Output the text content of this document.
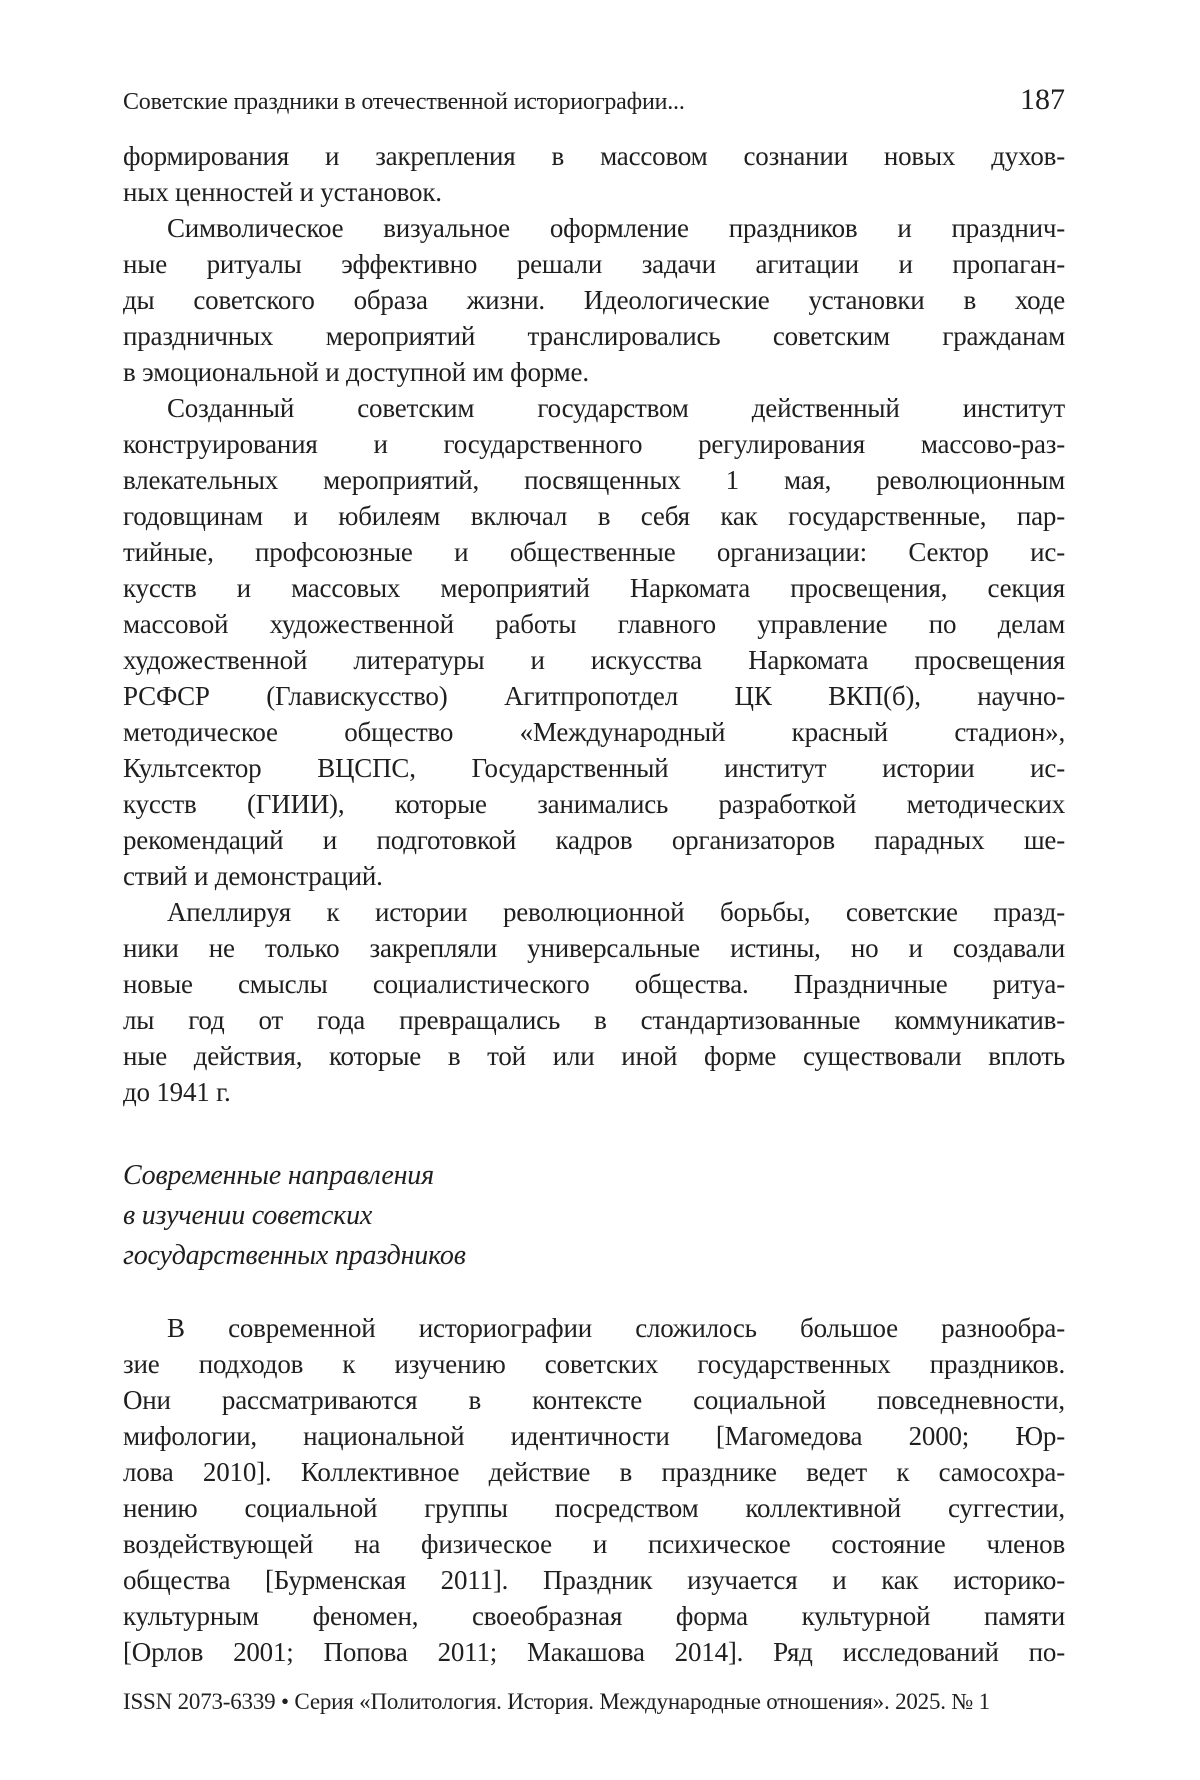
Советские праздники в отечественной историографии...	187
формирования и закрепления в массовом сознании новых духов-
ных ценностей и установок.
Символическое визуальное оформление праздников и празднич-
ные ритуалы эффективно решали задачи агитации и пропаган-
ды советского образа жизни. Идеологические установки в ходе
праздничных мероприятий транслировались советским гражданам
в эмоциональной и доступной им форме.
Созданный советским государством действенный институт
конструирования и государственного регулирования массово-раз-
влекательных мероприятий, посвященных 1 мая, революционным
годовщинам и юбилеям включал в себя как государственные, пар-
тийные, профсоюзные и общественные организации: Сектор ис-
кусств и массовых мероприятий Наркомата просвещения, секция
массовой художественной работы главного управление по делам
художественной литературы и искусства Наркомата просвещения
РСФСР (Главискусство) Агитпропотдел ЦК ВКП(б), научно-
методическое общество «Международный красный стадион»,
Культсектор ВЦСПС, Государственный институт истории ис-
кусств (ГИИИ), которые занимались разработкой методических
рекомендаций и подготовкой кадров организаторов парадных ше-
ствий и демонстраций.
Апеллируя к истории революционной борьбы, советские празд-
ники не только закрепляли универсальные истины, но и создавали
новые смыслы социалистического общества. Праздничные ритуа-
лы год от года превращались в стандартизованные коммуникатив-
ные действия, которые в той или иной форме существовали вплоть
до 1941 г.
Современные направления
в изучении советских
государственных праздников
В современной историографии сложилось большое разнообра-
зие подходов к изучению советских государственных праздников.
Они рассматриваются в контексте социальной повседневности,
мифологии, национальной идентичности [Магомедова 2000; Юр-
лова 2010]. Коллективное действие в празднике ведет к самосохра-
нению социальной группы посредством коллективной суггестии,
воздействующей на физическое и психическое состояние членов
общества [Бурменская 2011]. Праздник изучается и как историко-
культурным феномен, своеобразная форма культурной памяти
[Орлов 2001; Попова 2011; Макашова 2014]. Ряд исследований по-
ISSN 2073-6339 • Серия «Политология. История. Международные отношения». 2025. № 1
